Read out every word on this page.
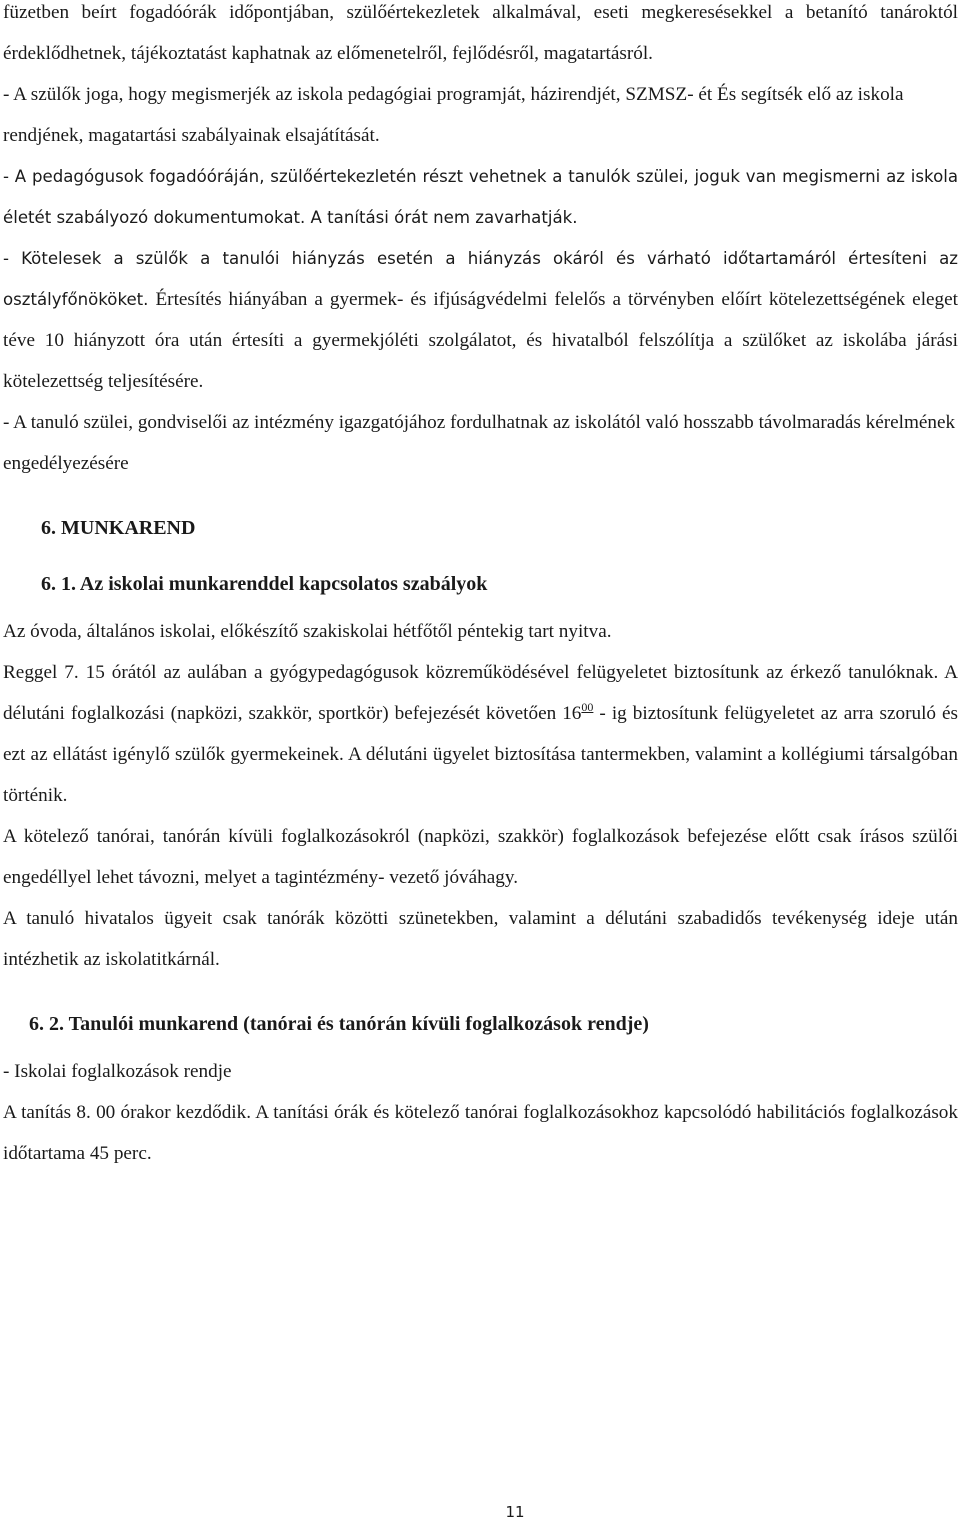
füzetben beírt fogadóórák időpontjában, szülőértekezletek alkalmával, eseti megkeresésekkel a betanító tanároktól érdeklődhetnek, tájékoztatást kaphatnak az előmenetelről, fejlődésről, magatartásról.

- A szülők joga, hogy megismerjék az iskola pedagógiai programját, házirendjét, SZMSZ- ét És segítsék elő az iskola rendjének, magatartási szabályainak elsajátítását.

- A pedagógusok fogadóóráján, szülőértekezletén részt vehetnek a tanulók szülei, joguk van megismerni az iskola életét szabályozó dokumentumokat. A tanítási órát nem zavarhatják.

- Kötelesek a szülők a tanulói hiányzás esetén a hiányzás okáról és várható időtartamáról értesíteni az osztályfőnököket. Értesítés hiányában a gyermek- és ifjúságvédelmi felelős a törvényben előírt kötelezettségének eleget téve 10 hiányzott óra után értesíti a gyermekjóléti szolgálatot, és hivatalból felszólítja a szülőket az iskolába járási kötelezettség teljesítésére.

- A tanuló szülei, gondviselői az intézmény igazgatójához fordulhatnak az iskolától való hosszabb távolmaradás kérelmének engedélyezésére

6. MUNKAREND

6. 1. Az iskolai munkarenddel kapcsolatos szabályok

Az óvoda, általános iskolai, előkészítő szakiskolai hétfőtől péntekig tart nyitva.

Reggel 7. 15 órától az aulában a gyógypedagógusok közreműködésével felügyeletet biztosítunk az érkező tanulóknak. A délutáni foglalkozási (napközi, szakkör, sportkör) befejezését követően $16^{00}$ - ig biztosítunk felügyeletet az arra szoruló és ezt az ellátást igénylő szülők gyermekeinek. A délutáni ügyelet biztosítása tantermekben, valamint a kollégiumi társalgóban történik.

A kötelező tanórai, tanórán kívüli foglalkozásokról (napközi, szakkör) foglalkozások befejezése előtt csak írásos szülői engedéllyel lehet távozni, melyet a tagintézmény- vezető jóváhagy.

A tanuló hivatalos ügyeit csak tanórák közötti szünetekben, valamint a délutáni szabadidős tevékenység ideje után intézhetik az iskolatitkárnál.

6. 2. Tanulói munkarend (tanórai és tanórán kívüli foglalkozások rendje)

- Iskolai foglalkozások rendje

A tanítás 8. 00 órakor kezdődik. A tanítási órák és kötelező tanórai foglalkozásokhoz kapcsolódó habilitációs foglalkozások időtartama 45 perc.

11
